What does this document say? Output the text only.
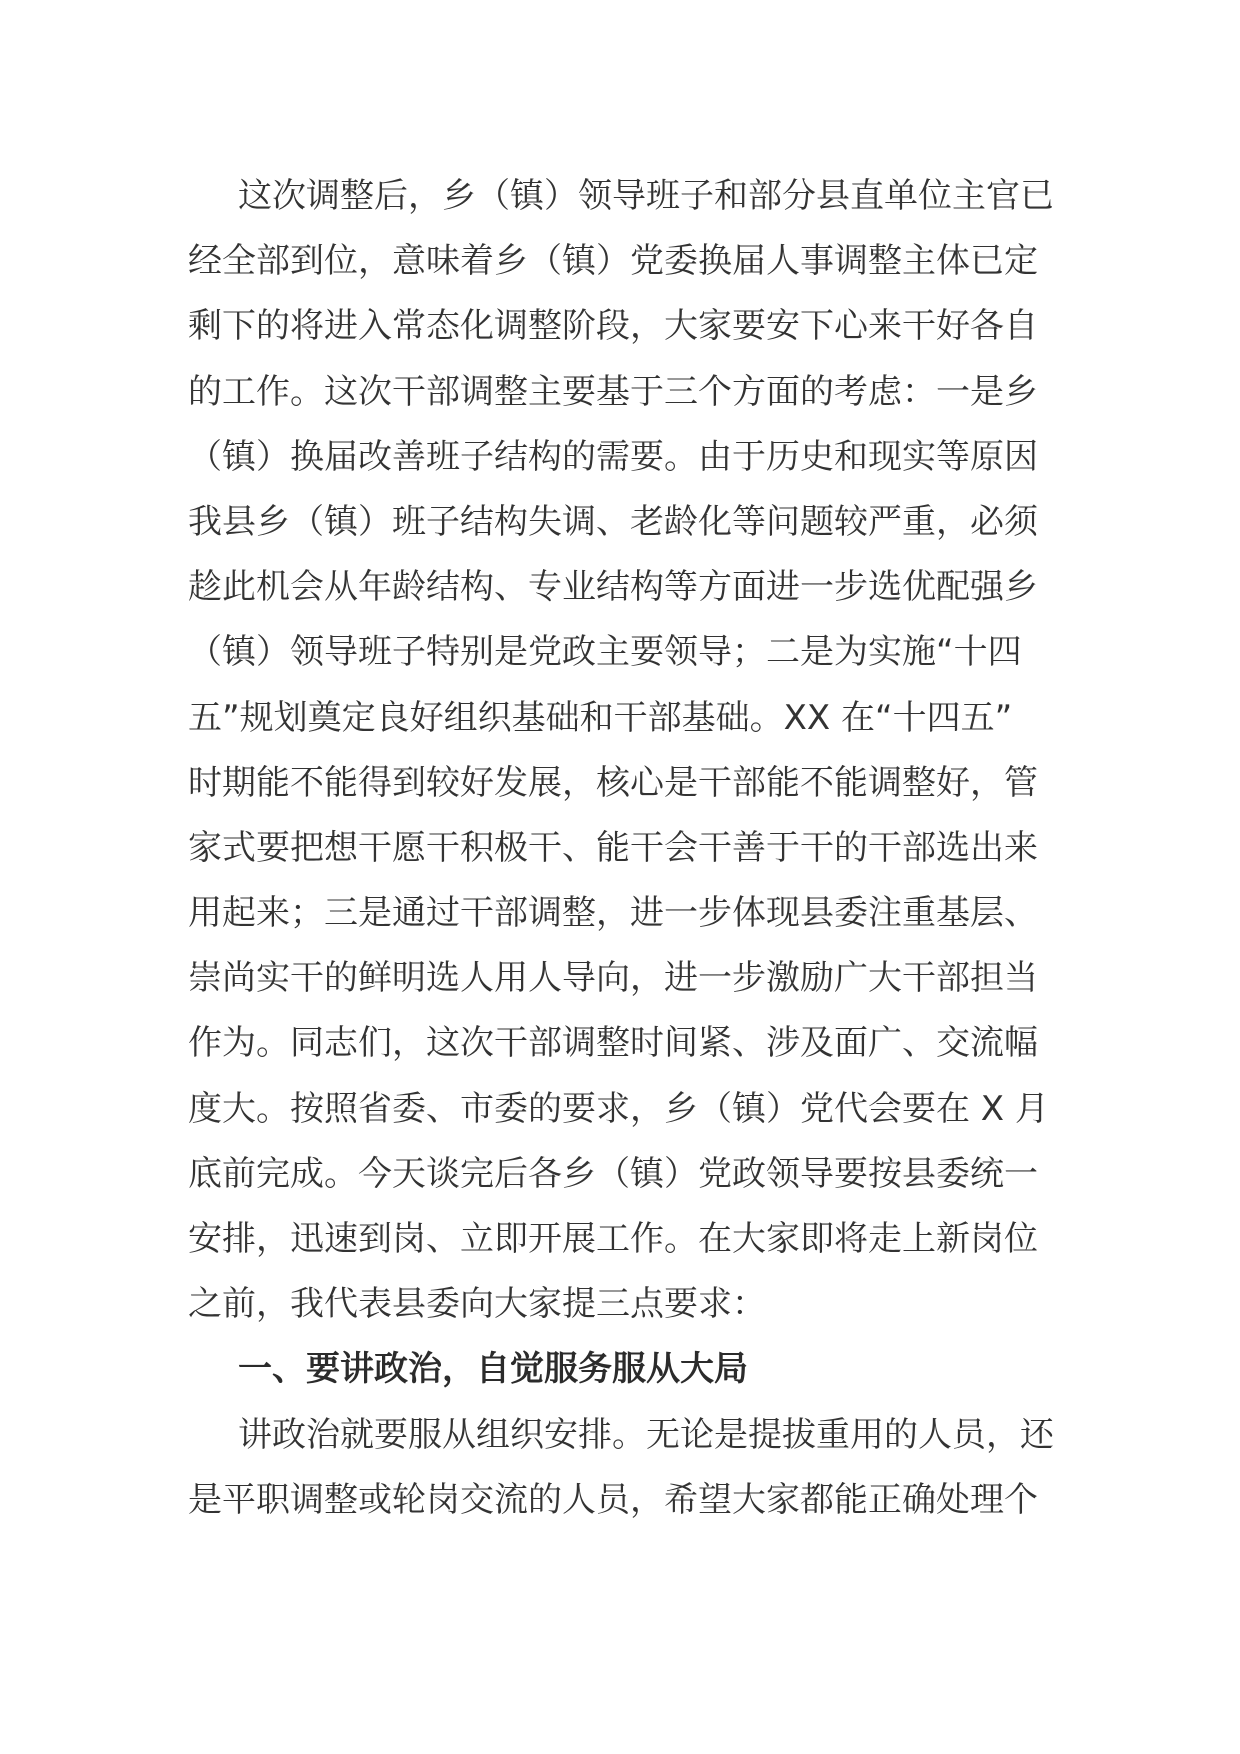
这次调整后，乡（镇）领导班子和部分县直单位主官已
经全部到位，意味着乡（镇）党委换届人事调整主体已定
剩下的将进入常态化调整阶段，大家要安下心来干好各自
的工作。这次干部调整主要基于三个方面的考虑：一是乡
（镇）换届改善班子结构的需要。由于历史和现实等原因
我县乡（镇）班子结构失调、老龄化等问题较严重，必须
趁此机会从年龄结构、专业结构等方面进一步选优配强乡
（镇）领导班子特别是党政主要领导；二是为实施“十四
五”规划奠定良好组织基础和干部基础。XX 在“十四五”
时期能不能得到较好发展，核心是干部能不能调整好，管
家式要把想干愿干积极干、能干会干善于干的干部选出来
用起来；三是通过干部调整，进一步体现县委注重基层、
崇尚实干的鲜明选人用人导向，进一步激励广大干部担当
作为。同志们，这次干部调整时间紧、涉及面广、交流幅
度大。按照省委、市委的要求，乡（镇）党代会要在 X 月
底前完成。今天谈完后各乡（镇）党政领导要按县委统一
安排，迅速到岗、立即开展工作。在大家即将走上新岗位
之前，我代表县委向大家提三点要求：
一、要讲政治，自觉服务服从大局
讲政治就要服从组织安排。无论是提拔重用的人员，还
是平职调整或轮岗交流的人员，希望大家都能正确处理个
